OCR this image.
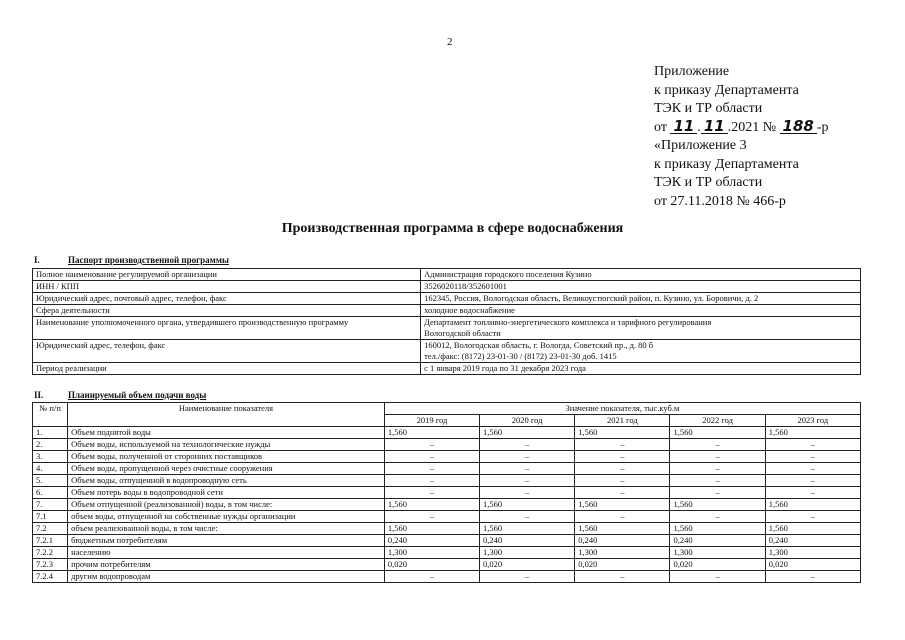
2
Приложение
к приказу Департамента
ТЭК и ТР области
от 11 . 11 .2021 № 188 -р
«Приложение 3
к приказу Департамента
ТЭК и ТР области
от 27.11.2018 № 466-р
Производственная программа в сфере водоснабжения
I.	Паспорт производственной программы
Полное наименование регулируемой организации	Администрация городского поселения Кузино

ИНН / КПП	3526020118/352601001

Юридический адрес, почтовый адрес, телефон, факс	162345, Россия, Вологодская область, Великоустюгский район, п. Кузино, ул. Боровичи, д. 2

Сфера деятельности	холодное водоснабжение

Наименование уполномоченного органа, утвердившего производственную программу	Департамент топливно-энергетического комплекса и тарифного регулирования
Вологодской области

Юридический адрес, телефон, факс	160012, Вологодская область, г. Вологда, Советский пр., д. 80 б
тел./факс: (8172) 23-01-30 / (8172) 23-01-30 доб. 1415

Период реализации	с 1 января 2019 года по 31 декабря 2023 года
II.	Планируемый объем подачи воды
№ п/п	Наименование показателя	Значение показателя, тыс.куб.м				
		2019 год	2020 год	2021 год	2022 год	2023 год
1.	Объем поднятой воды	1,560	1,560	1,560	1,560	1,560
2.	Объем воды, используемой на технологические нужды	–	–	–	–	–
3.	Объем воды, полученной от сторонних поставщиков	–	–	–	–	–
4.	Объем воды, пропущенной через очистные сооружения	–	–	–	–	–
5.	Объем воды, отпущенной в водопроводную сеть	–	–	–	–	–
6.	Объем потерь воды в водопроводной сети	–	–	–	–	–
7.	Объем отпущенной (реализованной) воды, в том числе:	1,560	1,560	1,560	1,560	1,560
7.1	объем воды, отпущенной на собственные нужды организации	–	–	–	–	–
7.2	объем реализованной воды, в том числе:	1,560	1,560	1,560	1,560	1,560
7.2.1	бюджетным потребителям	0,240	0,240	0,240	0,240	0,240
7.2.2	населению	1,300	1,300	1,300	1,300	1,300
7.2.3	прочим потребителям	0,020	0,020	0,020	0,020	0,020
7.2.4	другим водопроводам	–	–	–	–	–
